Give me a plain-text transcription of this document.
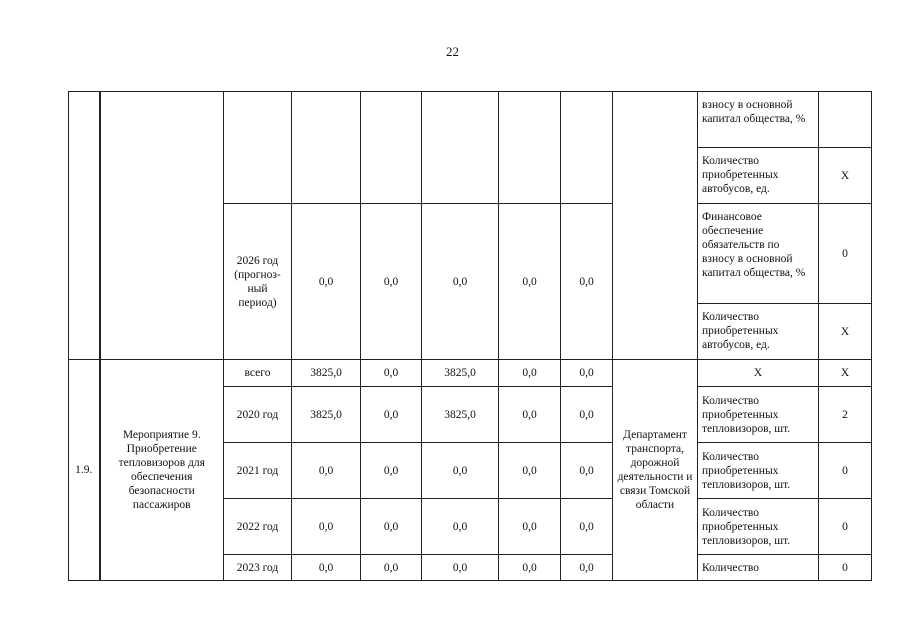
22
									взносу в основной капитал общества, %	
									Количество приобретенных автобусов, ед.	Х
		2026 год (прогноз-ный период)	0,0	0,0	0,0	0,0	0,0		Финансовое обеспечение обязательств по взносу в основной капитал общества, %	0
									Количество приобретенных автобусов, ед.	Х
1.9.	Мероприятие 9. Приобретение тепловизоров для обеспечения безопасности пассажиров	всего	3825,0	0,0	3825,0	0,0	0,0	Департамент транспорта, дорожной деятельности и связи Томской области	Х	Х
		2020 год	3825,0	0,0	3825,0	0,0	0,0		Количество приобретенных тепловизоров, шт.	2
		2021 год	0,0	0,0	0,0	0,0	0,0		Количество приобретенных тепловизоров, шт.	0
		2022 год	0,0	0,0	0,0	0,0	0,0		Количество приобретенных тепловизоров, шт.	0
		2023 год	0,0	0,0	0,0	0,0	0,0		Количество	0
